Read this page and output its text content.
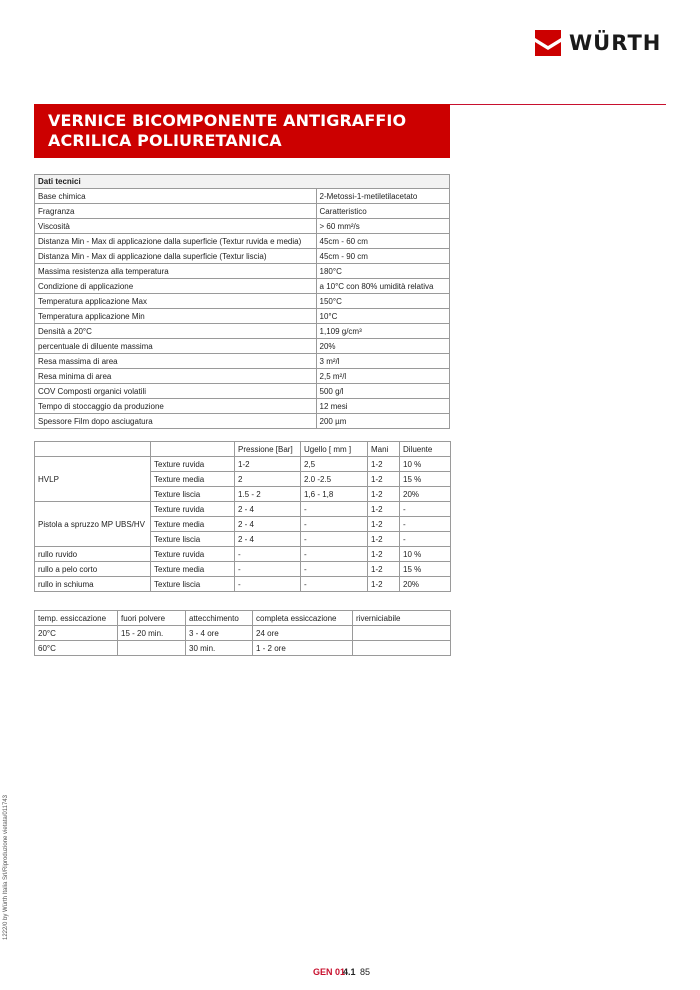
WÜRTH
VERNICE BICOMPONENTE ANTIGRAFFIO
ACRILICA POLIURETANICA
Dati tecnici	
Base chimica	2-Metossi-1-metiletilacetato
Fragranza	Caratteristico
Viscosità	> 60 mm²/s
Distanza Min - Max di applicazione dalla superficie (Textur ruvida e media)	45cm - 60 cm
Distanza Min - Max di applicazione dalla superficie (Textur liscia)	45cm - 90 cm
Massima resistenza alla temperatura	180°C
Condizione di applicazione	a 10°C con 80% umidità relativa
Temperatura applicazione Max	150°C
Temperatura applicazione Min	10°C
Densità a 20°C	1,109 g/cm³
percentuale di diluente massima	20%
Resa massima di area	3 m²/l
Resa minima di area	2,5 m²/l
COV Composti organici volatili	500 g/l
Tempo di stoccaggio da produzione	12 mesi
Spessore Film dopo asciugatura	200 µm
		Pressione [Bar]	Ugello [ mm ]	Mani	Diluente
HVLP	Texture ruvida	1-2	2,5	1-2	10 %
	Texture media	2	2.0 -2.5	1-2	15 %
	Texture liscia	1.5 - 2	1,6 - 1,8	1-2	20%
Pistola a spruzzo MP UBS/HV	Texture ruvida	2 - 4	-	1-2	-
	Texture media	2 - 4	-	1-2	-
	Texture liscia	2 - 4	-	1-2	-
rullo ruvido	Texture ruvida	-	-	1-2	10 %
rullo a pelo corto	Texture media	-	-	1-2	15 %
rullo in schiuma	Texture liscia	-	-	1-2	20%
temp. essiccazione	fuori polvere	attecchimento	completa essiccazione	riverniciabile
20°C	15 - 20 min.	3 - 4 ore	24 ore	
60°C		30 min.	1 - 2 ore	
1222/0 by Würth Italia Srl/Riproduzione vietata/011743
GEN 01
4.1 85
